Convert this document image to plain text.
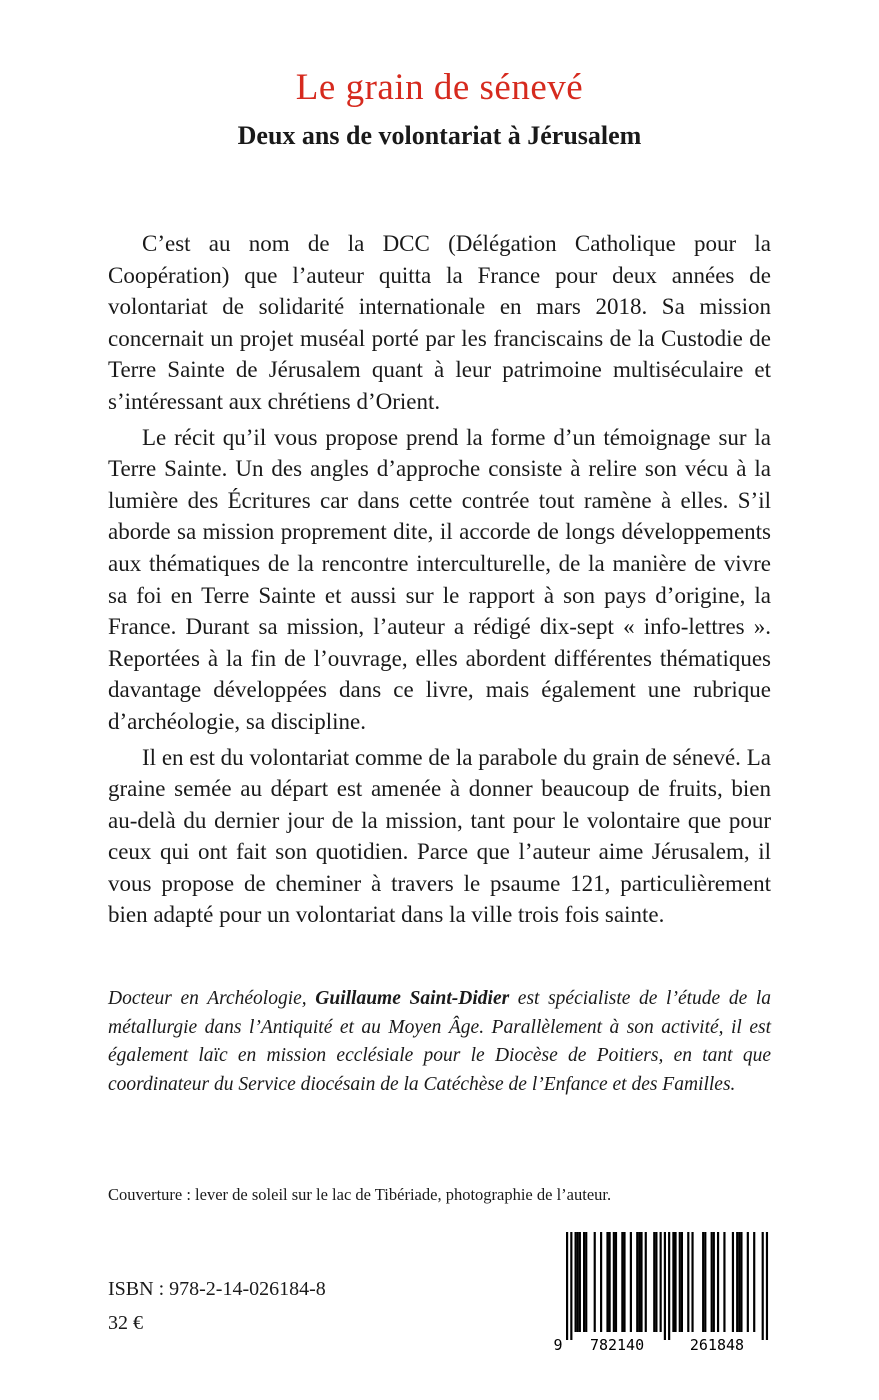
Le grain de sénevé
Deux ans de volontariat à Jérusalem

C’est au nom de la DCC (Délégation Catholique pour la Coopération) que l’auteur quitta la France pour deux années de volontariat de solidarité internationale en mars 2018. Sa mission concernait un projet muséal porté par les franciscains de la Custodie de Terre Sainte de Jérusalem quant à leur patrimoine multiséculaire et s’intéressant aux chrétiens d’Orient.

Le récit qu’il vous propose prend la forme d’un témoignage sur la Terre Sainte. Un des angles d’approche consiste à relire son vécu à la lumière des Écritures car dans cette contrée tout ramène à elles. S’il aborde sa mission proprement dite, il accorde de longs développements aux thématiques de la rencontre interculturelle, de la manière de vivre sa foi en Terre Sainte et aussi sur le rapport à son pays d’origine, la France. Durant sa mission, l’auteur a rédigé dix-sept « info-lettres ». Reportées à la fin de l’ouvrage, elles abordent différentes thématiques davantage développées dans ce livre, mais également une rubrique d’archéologie, sa discipline.

Il en est du volontariat comme de la parabole du grain de sénevé. La graine semée au départ est amenée à donner beaucoup de fruits, bien au-delà du dernier jour de la mission, tant pour le volontaire que pour ceux qui ont fait son quotidien. Parce que l’auteur aime Jérusalem, il vous propose de cheminer à travers le psaume 121, particulièrement bien adapté pour un volontariat dans la ville trois fois sainte.

Docteur en Archéologie, Guillaume Saint-Didier est spécialiste de l’étude de la métallurgie dans l’Antiquité et au Moyen Âge. Parallèlement à son activité, il est également laïc en mission ecclésiale pour le Diocèse de Poitiers, en tant que coordinateur du Service diocésain de la Catéchèse de l’Enfance et des Familles.

Couverture : lever de soleil sur le lac de Tibériade, photographie de l’auteur.
ISBN : 978-2-14-026184-8
32 €
9 782140	261848
